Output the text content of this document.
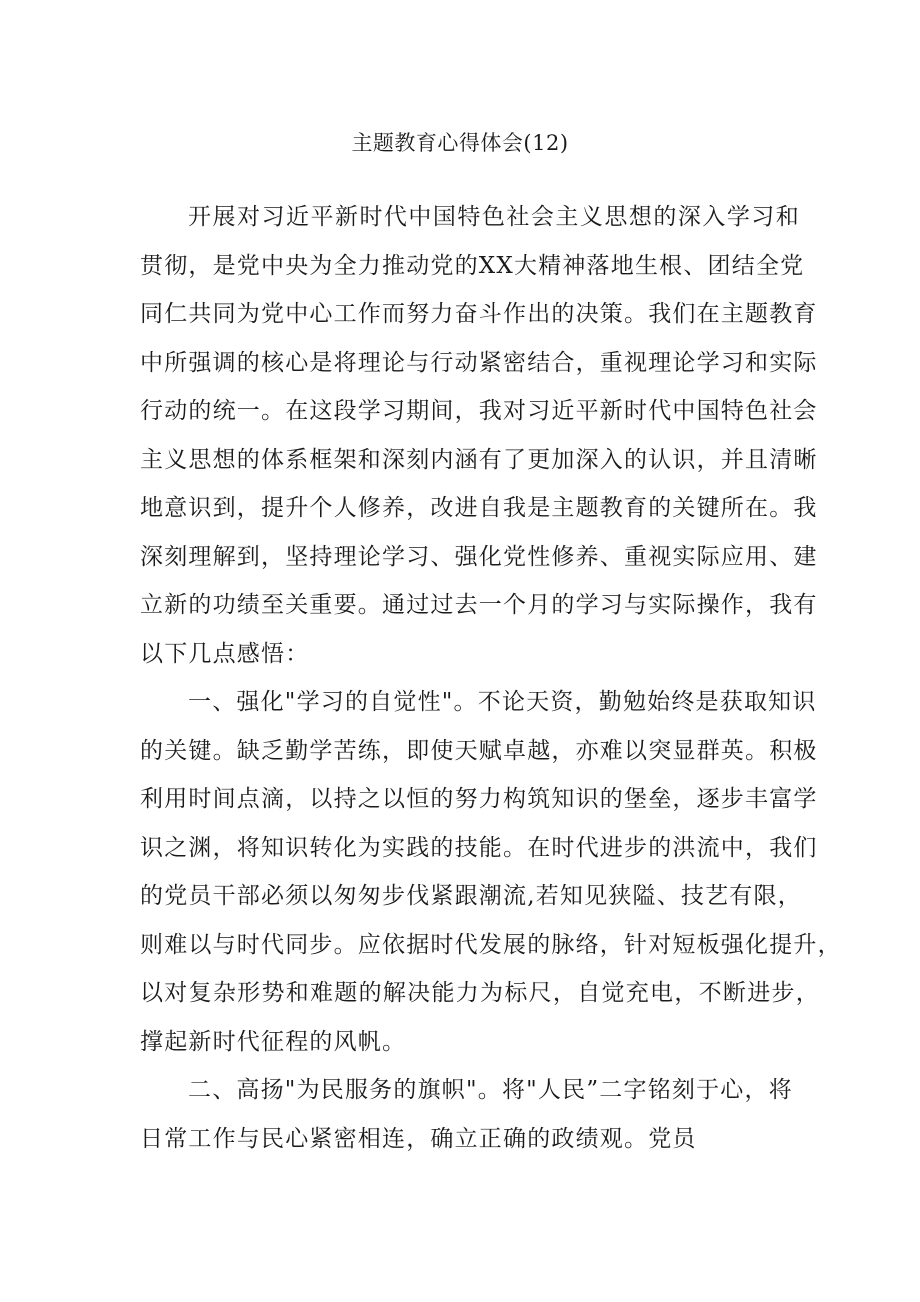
主题教育心得体会(12)
开展对习近平新时代中国特色社会主义思想的深入学习和
贯彻，是党中央为全力推动党的XX大精神落地生根、团结全党
同仁共同为党中心工作而努力奋斗作出的决策。我们在主题教育
中所强调的核心是将理论与行动紧密结合，重视理论学习和实际
行动的统一。在这段学习期间，我对习近平新时代中国特色社会
主义思想的体系框架和深刻内涵有了更加深入的认识，并且清晰
地意识到，提升个人修养，改进自我是主题教育的关键所在。我
深刻理解到，坚持理论学习、强化党性修养、重视实际应用、建
立新的功绩至关重要。通过过去一个月的学习与实际操作，我有
以下几点感悟：
一、强化"学习的自觉性"。不论天资，勤勉始终是获取知识
的关键。缺乏勤学苦练，即使天赋卓越，亦难以突显群英。积极
利用时间点滴，以持之以恒的努力构筑知识的堡垒，逐步丰富学
识之渊，将知识转化为实践的技能。在时代进步的洪流中，我们
的党员干部必须以匆匆步伐紧跟潮流,若知见狭隘、技艺有限，
则难以与时代同步。应依据时代发展的脉络，针对短板强化提升，
以对复杂形势和难题的解决能力为标尺，自觉充电，不断进步，
撑起新时代征程的风帆。
二、高扬"为民服务的旗帜"。将"人民”二字铭刻于心，将
日常工作与民心紧密相连，确立正确的政绩观。党员
